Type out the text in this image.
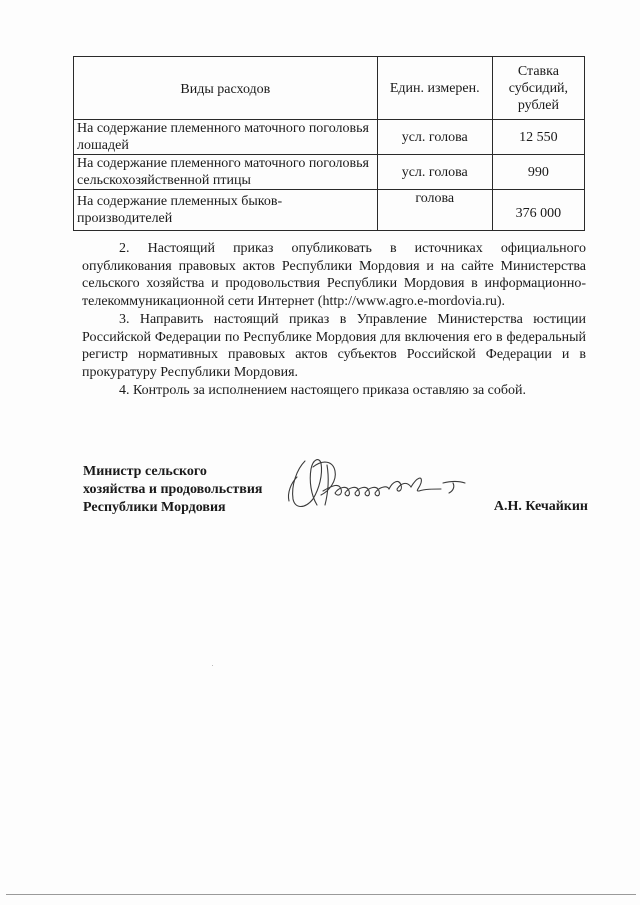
Виды расходов	Един. измерен.	Ставка субсидий, рублей
На содержание племенного маточного поголовья лошадей	усл. голова	12 550
На содержание племенного маточного поголовья сельскохозяйственной птицы	усл. голова	990
На содержание племенных быков-производителей	голова	376 000

2. Настоящий приказ опубликовать в источниках официального опубликования правовых актов Республики Мордовия и на сайте Министерства сельского хозяйства и продовольствия Республики Мордовия в информационно-телекоммуникационной сети Интернет (http://www.agro.e-mordovia.ru).

3. Направить настоящий приказ в Управление Министерства юстиции Российской Федерации по Республике Мордовия для включения его в федеральный регистр нормативных правовых актов субъектов Российской Федерации и в прокуратуру Республики Мордовия.

4. Контроль за исполнением настоящего приказа оставляю за собой.

Министр сельского
хозяйства и продовольствия
Республики Мордовия	А.Н. Кечайкин
